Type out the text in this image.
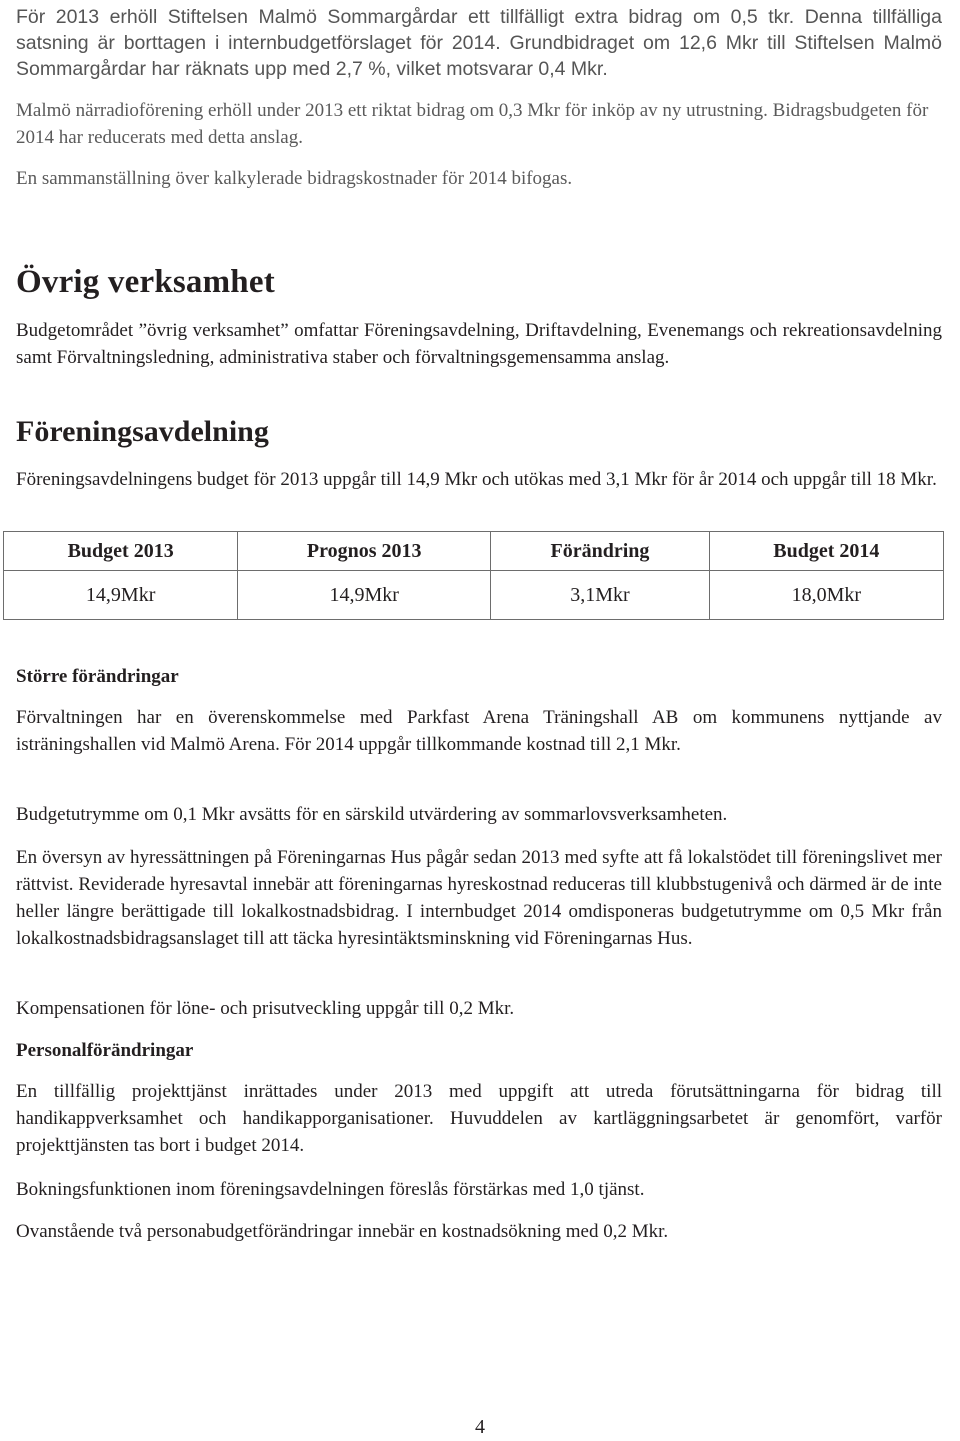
För 2013 erhöll Stiftelsen Malmö Sommargårdar ett tillfälligt extra bidrag om 0,5 tkr. Denna tillfälliga satsning är borttagen i internbudgetförslaget för 2014. Grundbidraget om 12,6 Mkr till Stiftelsen Malmö Sommargårdar har räknats upp med 2,7 %, vilket motsvarar 0,4 Mkr.

Malmö närradioförening erhöll under 2013 ett riktat bidrag om 0,3 Mkr för inköp av ny utrustning. Bidragsbudgeten för 2014 har reducerats med detta anslag.

En sammanställning över kalkylerade bidragskostnader för 2014 bifogas.

Övrig verksamhet

Budgetområdet ”övrig verksamhet” omfattar Föreningsavdelning, Driftavdelning, Evenemangs och rekreationsavdelning samt Förvaltningsledning, administrativa staber och förvaltningsgemensamma anslag.

Föreningsavdelning

Föreningsavdelningens budget för 2013 uppgår till 14,9 Mkr och utökas med 3,1 Mkr för år 2014 och uppgår till 18 Mkr.

Budget 2013	Prognos 2013	Förändring	Budget 2014
14,9Mkr	14,9Mkr	3,1Mkr	18,0Mkr
Större förändringar

Förvaltningen har en överenskommelse med Parkfast Arena Träningshall AB om kommunens nyttjande av isträningshallen vid Malmö Arena. För 2014 uppgår tillkommande kostnad till 2,1 Mkr.

Budgetutrymme om 0,1 Mkr avsätts för en särskild utvärdering av sommarlovsverksamheten.

En översyn av hyressättningen på Föreningarnas Hus pågår sedan 2013 med syfte att få lokalstödet till föreningslivet mer rättvist. Reviderade hyresavtal innebär att föreningarnas hyreskostnad reduceras till klubbstugenivå och därmed är de inte heller längre berättigade till lokalkostnadsbidrag. I internbudget 2014 omdisponeras budgetutrymme om 0,5 Mkr från lokalkostnadsbidragsanslaget till att täcka hyresintäktsminskning vid Föreningarnas Hus.

Kompensationen för löne- och prisutveckling uppgår till 0,2 Mkr.

Personalförändringar

En tillfällig projekttjänst inrättades under 2013 med uppgift att utreda förutsättningarna för bidrag till handikappverksamhet och handikapporganisationer. Huvuddelen av kartläggningsarbetet är genomfört, varför projekttjänsten tas bort i budget 2014.

Bokningsfunktionen inom föreningsavdelningen föreslås förstärkas med 1,0 tjänst.

Ovanstående två personabudgetförändringar innebär en kostnadsökning med 0,2 Mkr.

4
